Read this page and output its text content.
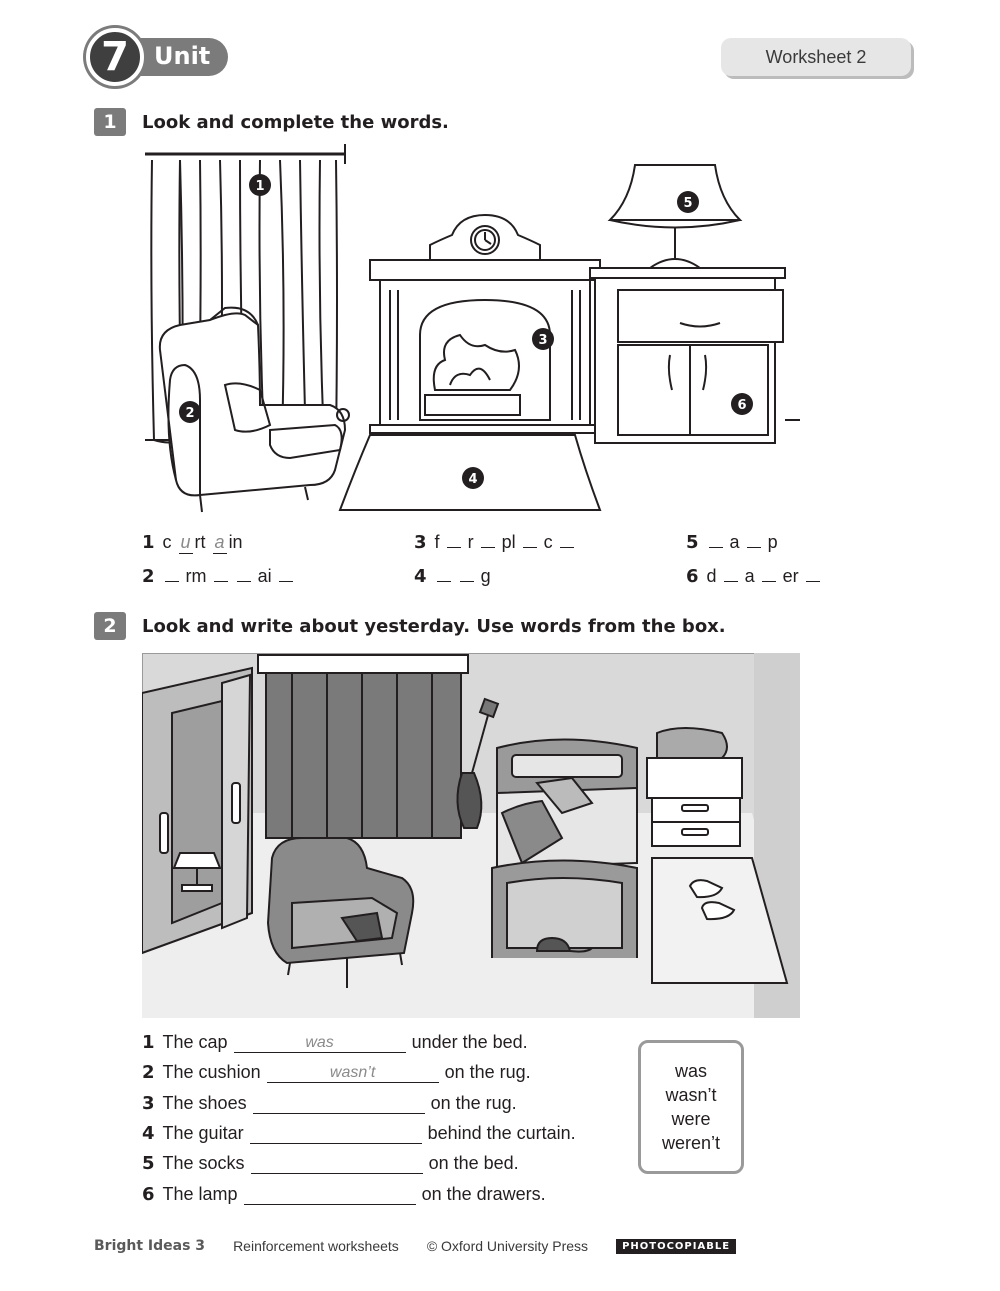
7	Unit	Worksheet 2
1	Look and complete the words.
1
2
3
4
5
6
1 c u rt a in
2 rm	ai
3 f r pl c
4	g
5 a p
6 d a er
2	Look and write about yesterday. Use words from the box.
1 The cap	was	under the bed.
2 The cushion	wasn’t	on the rug.
3 The shoes	on the rug.
4 The guitar	behind the curtain.
5 The socks	on the bed.
6 The lamp	on the drawers.
was
wasn’t
were
weren’t
Bright Ideas 3 Reinforcement worksheets © Oxford University Press	PHOTOCOPIABLE
